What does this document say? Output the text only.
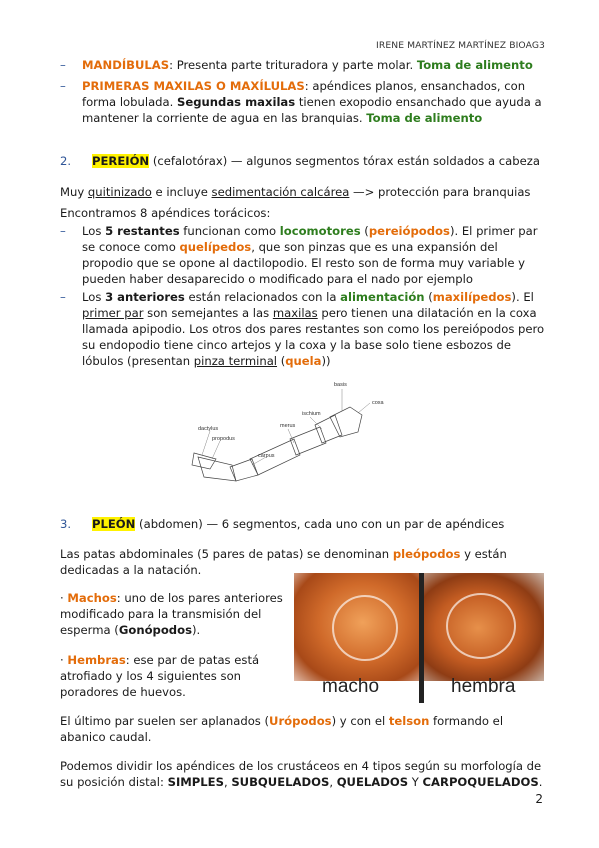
IRENE MARTÍNEZ MARTÍNEZ BIOAG3
– MANDÍBULAS: Presenta parte trituradora y parte molar. Toma de alimento
– PRIMERAS MAXILAS O MAXÍLULAS: apéndices planos, ensanchados, con forma lobulada. Segundas maxilas tienen exopodio ensanchado que ayuda a mantener la corriente de agua en las branquias. Toma de alimento
2. PEREIÓN (cefalotórax) — algunos segmentos tórax están soldados a cabeza

Muy quitinizado e incluye sedimentación calcárea —> protección para branquias

Encontramos 8 apéndices torácicos:

– Los 5 restantes funcionan como locomotores (pereiópodos). El primer par se conoce como quelípedos, que son pinzas que es una expansión del propodio que se opone al dactilopodio. El resto son de forma muy variable y pueden haber desaparecido o modificado para el nado por ejemplo
– Los 3 anteriores están relacionados con la alimentación (maxilípedos). El primer par son semejantes a las maxilas pero tienen una dilatación en la coxa llamada apipodio. Los otros dos pares restantes son como los pereiópodos pero su endopodio tiene cinco artejos y la coxa y la base solo tiene esbozos de lóbulos (presentan pinza terminal (quela))
basis
coxa
ischium
merus
carpus
propodus
dactylus
3. PLEÓN (abdomen) — 6 segmentos, cada uno con un par de apéndices

Las patas abdominales (5 pares de patas) se denominan pleópodos y están dedicadas a la natación.

· Machos: uno de los pares anteriores modificado para la transmisión del esperma (Gonópodos).

· Hembras: ese par de patas está atrofiado y los 4 siguientes son poradores de huevos.	macho	hembra

El último par suelen ser aplanados (Urópodos) y con el telson formando el abanico caudal.

Podemos dividir los apéndices de los crustáceos en 4 tipos según su morfología de su posición distal: SIMPLES, SUBQUELADOS, QUELADOS Y CARPOQUELADOS.

2
